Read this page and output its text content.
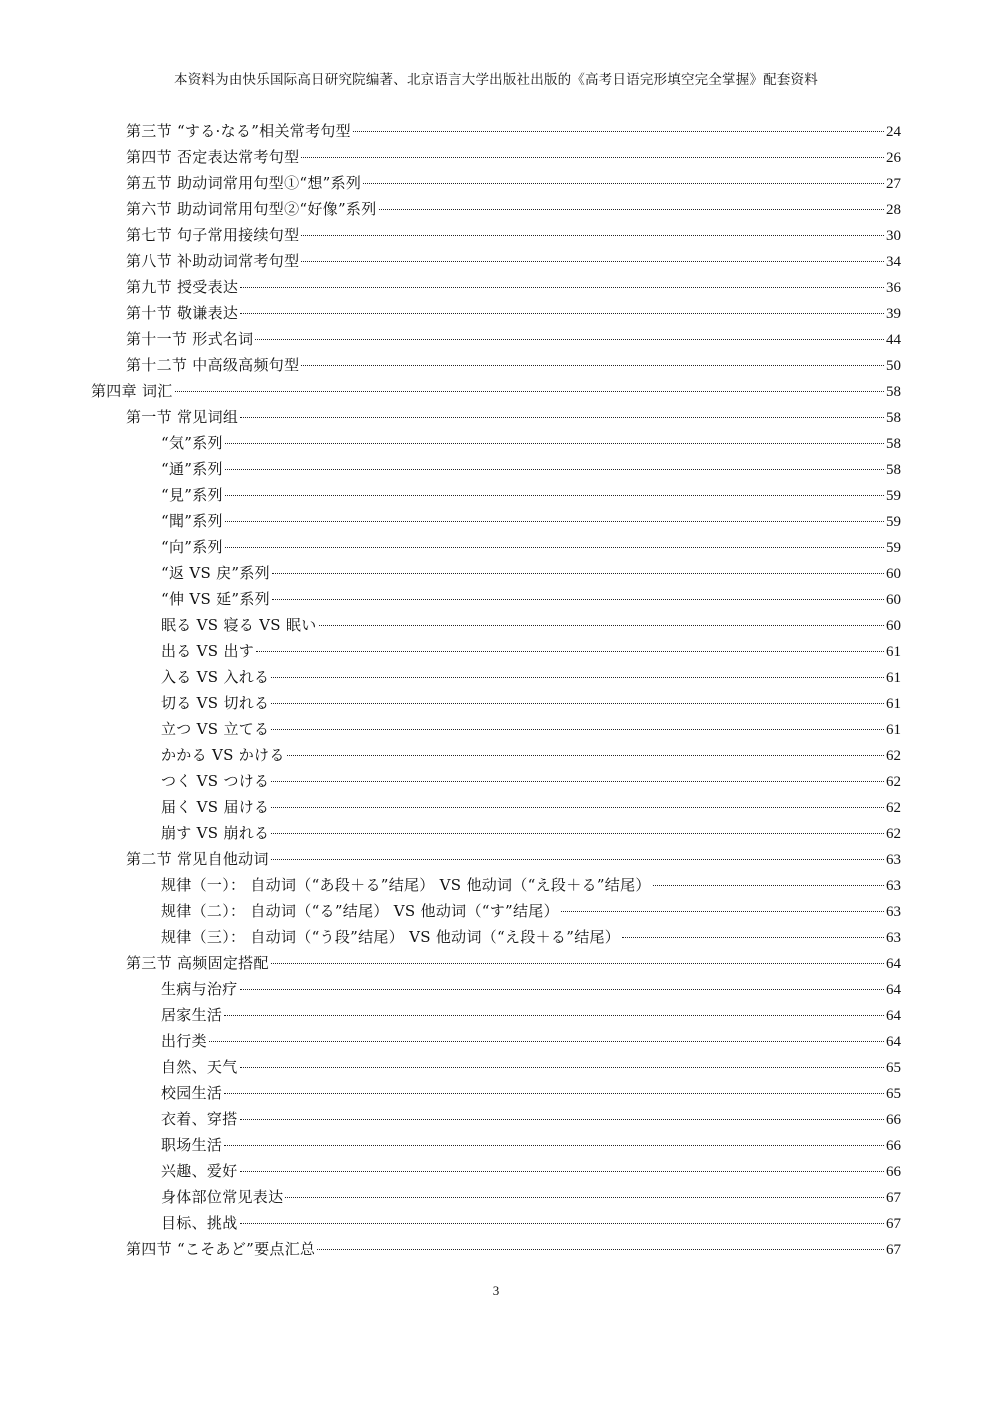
本资料为由快乐国际高日研究院编著、北京语言大学出版社出版的《高考日语完形填空完全掌握》配套资料
第三节 “する·なる”相关常考句型	24
第四节 否定表达常考句型	26
第五节 助动词常用句型①“想”系列	27
第六节 助动词常用句型②“好像”系列	28
第七节 句子常用接续句型	30
第八节 补助动词常考句型	34
第九节 授受表达	36
第十节 敬谦表达	39
第十一节 形式名词	44
第十二节 中高级高频句型	50
第四章 词汇	58
第一节 常见词组	58
“気”系列	58
“通”系列	58
“見”系列	59
“聞”系列	59
“向”系列	59
“返 VS 戻”系列	60
“伸 VS 延”系列	60
眠る VS 寝る VS 眠い	60
出る VS 出す	61
入る VS 入れる	61
切る VS 切れる	61
立つ VS 立てる	61
かかる VS かける	62
つく VS つける	62
届く VS 届ける	62
崩す VS 崩れる	62
第二节 常见自他动词	63
规律（一）： 自动词（“あ段＋る”结尾） VS 他动词（“え段＋る”结尾）	63
规律（二）： 自动词（“る”结尾） VS 他动词（“す”结尾）	63
规律（三）： 自动词（“う段”结尾） VS 他动词（“え段＋る”结尾）	63
第三节 高频固定搭配	64
生病与治疗	64
居家生活	64
出行类	64
自然、天气	65
校园生活	65
衣着、穿搭	66
职场生活	66
兴趣、爱好	66
身体部位常见表达	67
目标、挑战	67
第四节 “こそあど”要点汇总	67
3
